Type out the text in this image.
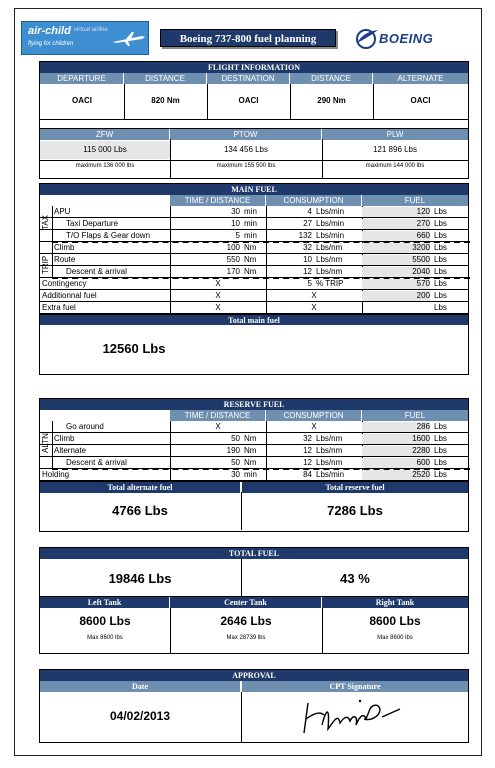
air-child virtual airline
flying for children	Boeing 737-800 fuel planning	BOEING
FLIGHT INFORMATION
DEPARTURE	DISTANCE	DESTINATION	DISTANCE	ALTERNATE
OACI	820 Nm	OACI	290 Nm	OACI
ZFW	PTOW	PLW
115 000 Lbs	134 456 Lbs	121 896 Lbs
maximum 136 000 lbs	maximum 155 500 lbs	maximum 144 000 lbs
MAIN FUEL
TIME / DISTANCE	CONSUMPTION	FUEL
TAX
TRIP
APU	30 min	4 Lbs/min	120 Lbs
Taxi Departure	10 min	27 Lbs/min	270 Lbs
T/O Flaps & Gear down	5 min	132 Lbs/min	660 Lbs
Climb	100 Nm	32 Lbs/nm	3200 Lbs
Route	550 Nm	10 Lbs/nm	5500 Lbs
Descent & arrival	170 Nm	12 Lbs/nm	2040 Lbs
Contingency	X	5 % TRIP	570 Lbs
Additionnal fuel	X	X	200 Lbs
Extra fuel	X	X	Lbs
Total main fuel
12560 Lbs
RESERVE FUEL
TIME / DISTANCE	CONSUMPTION	FUEL
ALTN
Go around	X	X	286 Lbs
Climb	50 Nm	32 Lbs/nm	1600 Lbs
Alternate	190 Nm	12 Lbs/nm	2280 Lbs
Descent & arrival	50 Nm	12 Lbs/nm	600 Lbs
Holding	30 min	84 Lbs/min	2520 Lbs
Total alternate fuel	Total reserve fuel
4766 Lbs	7286 Lbs
TOTAL FUEL
19846 Lbs	43 %
Left Tank	Center Tank	Right Tank
8600 Lbs	2646 Lbs	8600 Lbs
Max 8600 lbs	Max 28739 lbs	Max 8600 lbs
APPROVAL
Date	CPT Signature
04/02/2013
